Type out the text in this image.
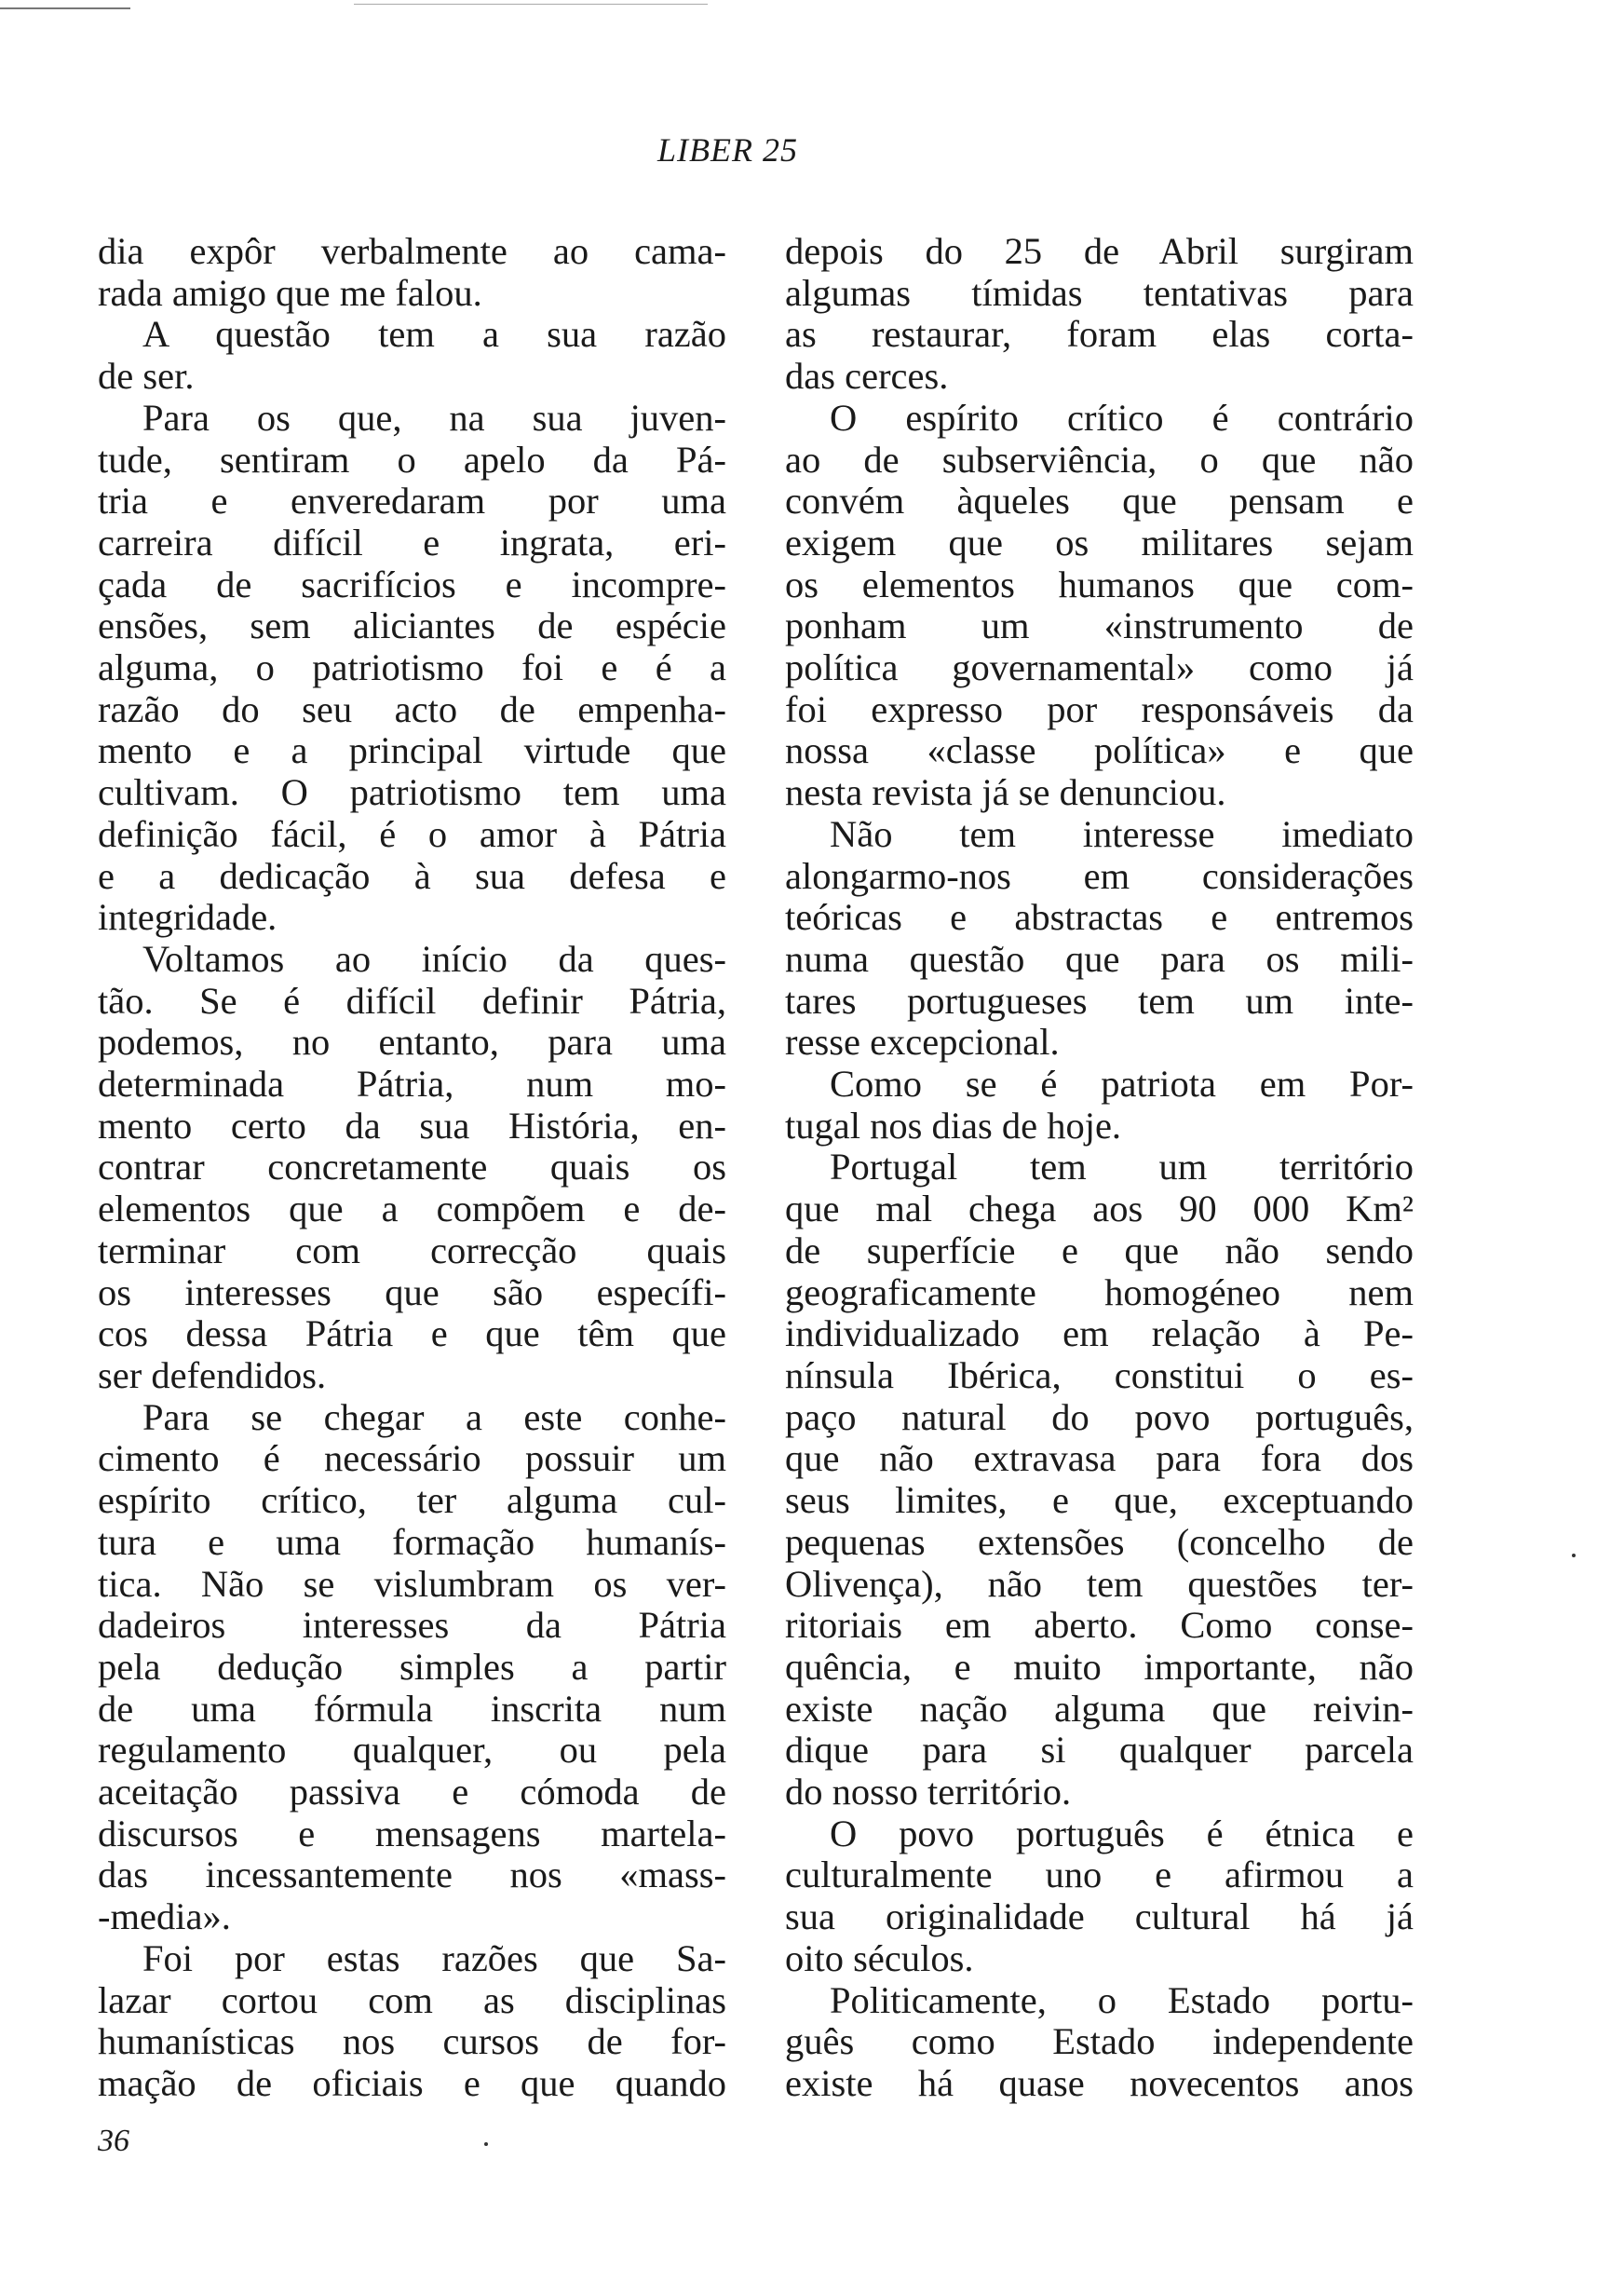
LIBER 25
dia expôr verbalmente ao cama-
rada amigo que me falou.
A questão tem a sua razão
de ser.
Para os que, na sua juven-
tude, sentiram o apelo da Pá-
tria e enveredaram por uma
carreira difícil e ingrata, eri-
çada de sacrifícios e incompre-
ensões, sem aliciantes de espécie
alguma, o patriotismo foi e é a
razão do seu acto de empenha-
mento e a principal virtude que
cultivam. O patriotismo tem uma
definição fácil, é o amor à Pátria
e a dedicação à sua defesa e
integridade.
Voltamos ao início da ques-
tão. Se é difícil definir Pátria,
podemos, no entanto, para uma
determinada Pátria, num mo-
mento certo da sua História, en-
contrar concretamente quais os
elementos que a compõem e de-
terminar com correcção quais
os interesses que são específi-
cos dessa Pátria e que têm que
ser defendidos.
Para se chegar a este conhe-
cimento é necessário possuir um
espírito crítico, ter alguma cul-
tura e uma formação humanís-
tica. Não se vislumbram os ver-
dadeiros interesses da Pátria
pela dedução simples a partir
de uma fórmula inscrita num
regulamento qualquer, ou pela
aceitação passiva e cómoda de
discursos e mensagens martela-
das incessantemente nos «mass-
-media».
Foi por estas razões que Sa-
lazar cortou com as disciplinas
humanísticas nos cursos de for-
mação de oficiais e que quando
depois do 25 de Abril surgiram
algumas tímidas tentativas para
as restaurar, foram elas corta-
das cerces.
O espírito crítico é contrário
ao de subserviência, o que não
convém àqueles que pensam e
exigem que os militares sejam
os elementos humanos que com-
ponham um «instrumento de
política governamental» como já
foi expresso por responsáveis da
nossa «classe política» e que
nesta revista já se denunciou.
Não tem interesse imediato
alongarmo-nos em considerações
teóricas e abstractas e entremos
numa questão que para os mili-
tares portugueses tem um inte-
resse excepcional.
Como se é patriota em Por-
tugal nos dias de hoje.
Portugal tem um território
que mal chega aos 90 000 Km²
de superfície e que não sendo
geograficamente homogéneo nem
individualizado em relação à Pe-
nínsula Ibérica, constitui o es-
paço natural do povo português,
que não extravasa para fora dos
seus limites, e que, exceptuando
pequenas extensões (concelho de
Olivença), não tem questões ter-
ritoriais em aberto. Como conse-
quência, e muito importante, não
existe nação alguma que reivin-
dique para si qualquer parcela
do nosso território.
O povo português é étnica e
culturalmente uno e afirmou a
sua originalidade cultural há já
oito séculos.
Politicamente, o Estado portu-
guês como Estado independente
existe há quase novecentos anos
36
